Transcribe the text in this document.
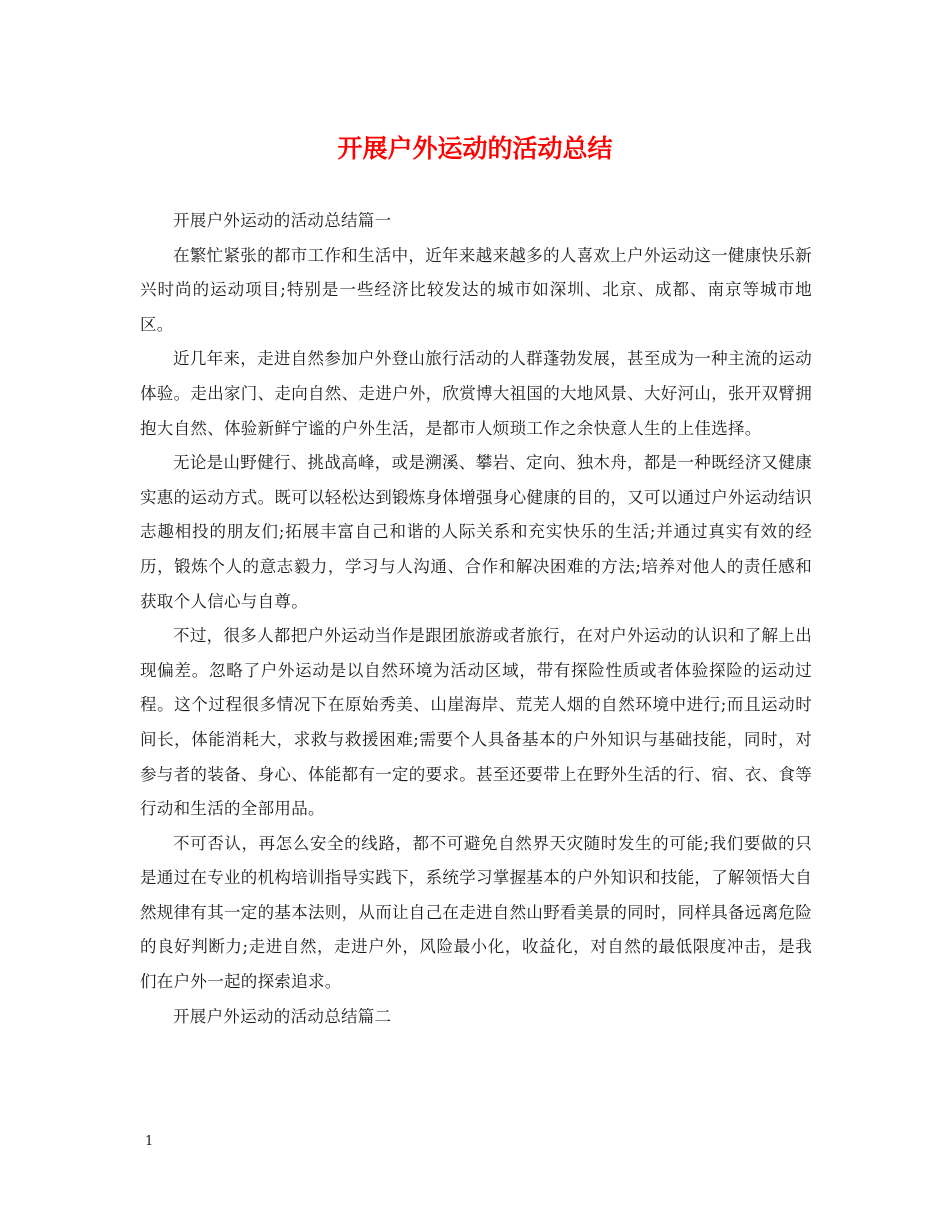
开展户外运动的活动总结

开展户外运动的活动总结篇一

在繁忙紧张的都市工作和生活中，近年来越来越多的人喜欢上户外运动这一健康快乐新兴时尚的运动项目;特别是一些经济比较发达的城市如深圳、北京、成都、南京等城市地区。

近几年来，走进自然参加户外登山旅行活动的人群蓬勃发展，甚至成为一种主流的运动体验。走出家门、走向自然、走进户外，欣赏博大祖国的大地风景、大好河山，张开双臂拥抱大自然、体验新鲜宁谧的户外生活，是都市人烦琐工作之余快意人生的上佳选择。

无论是山野健行、挑战高峰，或是溯溪、攀岩、定向、独木舟，都是一种既经济又健康实惠的运动方式。既可以轻松达到锻炼身体增强身心健康的目的，又可以通过户外运动结识志趣相投的朋友们;拓展丰富自己和谐的人际关系和充实快乐的生活;并通过真实有效的经历，锻炼个人的意志毅力，学习与人沟通、合作和解决困难的方法;培养对他人的责任感和获取个人信心与自尊。

不过，很多人都把户外运动当作是跟团旅游或者旅行，在对户外运动的认识和了解上出现偏差。忽略了户外运动是以自然环境为活动区域，带有探险性质或者体验探险的运动过程。这个过程很多情况下在原始秀美、山崖海岸、荒芜人烟的自然环境中进行;而且运动时间长，体能消耗大，求救与救援困难;需要个人具备基本的户外知识与基础技能，同时，对参与者的装备、身心、体能都有一定的要求。甚至还要带上在野外生活的行、宿、衣、食等行动和生活的全部用品。

不可否认，再怎么安全的线路，都不可避免自然界天灾随时发生的可能;我们要做的只是通过在专业的机构培训指导实践下，系统学习掌握基本的户外知识和技能，了解领悟大自然规律有其一定的基本法则，从而让自己在走进自然山野看美景的同时，同样具备远离危险的良好判断力;走进自然，走进户外，风险最小化，收益化，对自然的最低限度冲击，是我们在户外一起的探索追求。

开展户外运动的活动总结篇二

1
